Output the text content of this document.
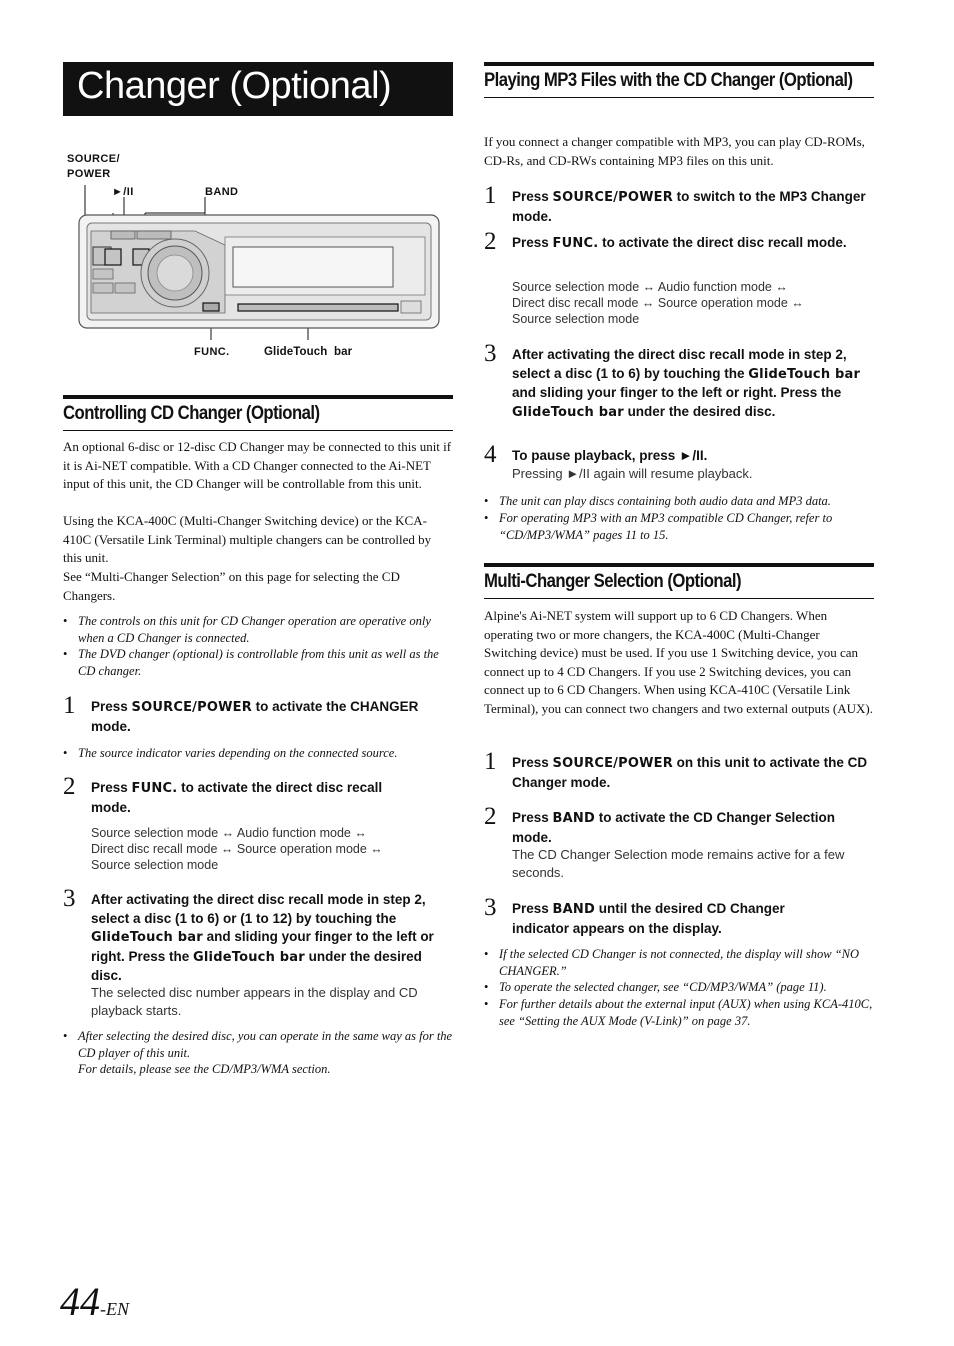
Changer (Optional)
SOURCE/
POWER
►/II	BAND
FUNC.	GlideTouch  bar
Controlling CD Changer (Optional)

An optional 6-disc or 12-disc CD Changer may be connected to this unit if it is Ai-NET compatible. With a CD Changer connected to the Ai-NET input of this unit, the CD Changer will be controllable from this unit.

Using the KCA-400C (Multi-Changer Switching device) or the KCA-410C (Versatile Link Terminal) multiple changers can be controlled by this unit.

See “Multi-Changer Selection” on this page for selecting the CD Changers.

• The controls on this unit for CD Changer operation are operative only when a CD Changer is connected.

• The DVD changer (optional) is controllable from this unit as well as the CD changer.

1 Press SOURCE/POWER to activate the CHANGER mode.

• The source indicator varies depending on the connected source.

2 Press FUNC. to activate the direct disc recall mode.
Source selection mode ↔ Audio function mode ↔
Direct disc recall mode ↔ Source operation mode ↔
Source selection mode
3 After activating the direct disc recall mode in step 2, select a disc (1 to 6) or (1 to 12) by touching the GlideTouch bar and sliding your finger to the left or right. Press the GlideTouch bar under the desired disc.
The selected disc number appears in the display and CD playback starts.

• After selecting the desired disc, you can operate in the same way as for the CD player of this unit.
For details, please see the CD/MP3/WMA section.

Playing MP3 Files with the CD Changer (Optional)

If you connect a changer compatible with MP3, you can play CD-ROMs, CD-Rs, and CD-RWs containing MP3 files on this unit.

1 Press SOURCE/POWER to switch to the MP3 Changer mode.
2 Press FUNC. to activate the direct disc recall mode.
Source selection mode ↔ Audio function mode ↔
Direct disc recall mode ↔ Source operation mode ↔
Source selection mode
3 After activating the direct disc recall mode in step 2, select a disc (1 to 6) by touching the GlideTouch bar and sliding your finger to the left or right. Press the GlideTouch bar under the desired disc.
4 To pause playback, press ►/II.
Pressing ►/II again will resume playback.

• The unit can play discs containing both audio data and MP3 data.

• For operating MP3 with an MP3 compatible CD Changer, refer to “CD/MP3/WMA” pages 11 to 15.

Multi-Changer Selection (Optional)

Alpine's Ai-NET system will support up to 6 CD Changers. When operating two or more changers, the KCA-400C (Multi-Changer Switching device) must be used. If you use 1 Switching device, you can connect up to 4 CD Changers. If you use 2 Switching devices, you can connect up to 6 CD Changers. When using KCA-410C (Versatile Link Terminal), you can connect two changers and two external outputs (AUX).

1 Press SOURCE/POWER on this unit to activate the CD Changer mode.
2 Press BAND to activate the CD Changer Selection mode.
The CD Changer Selection mode remains active for a few seconds.
3 Press BAND until the desired CD Changer indicator appears on the display.

• If the selected CD Changer is not connected, the display will show “NO CHANGER.”

• To operate the selected changer, see “CD/MP3/WMA” (page 11).

• For further details about the external input (AUX) when using KCA-410C, see “Setting the AUX Mode (V-Link)” on page 37.

44-EN
